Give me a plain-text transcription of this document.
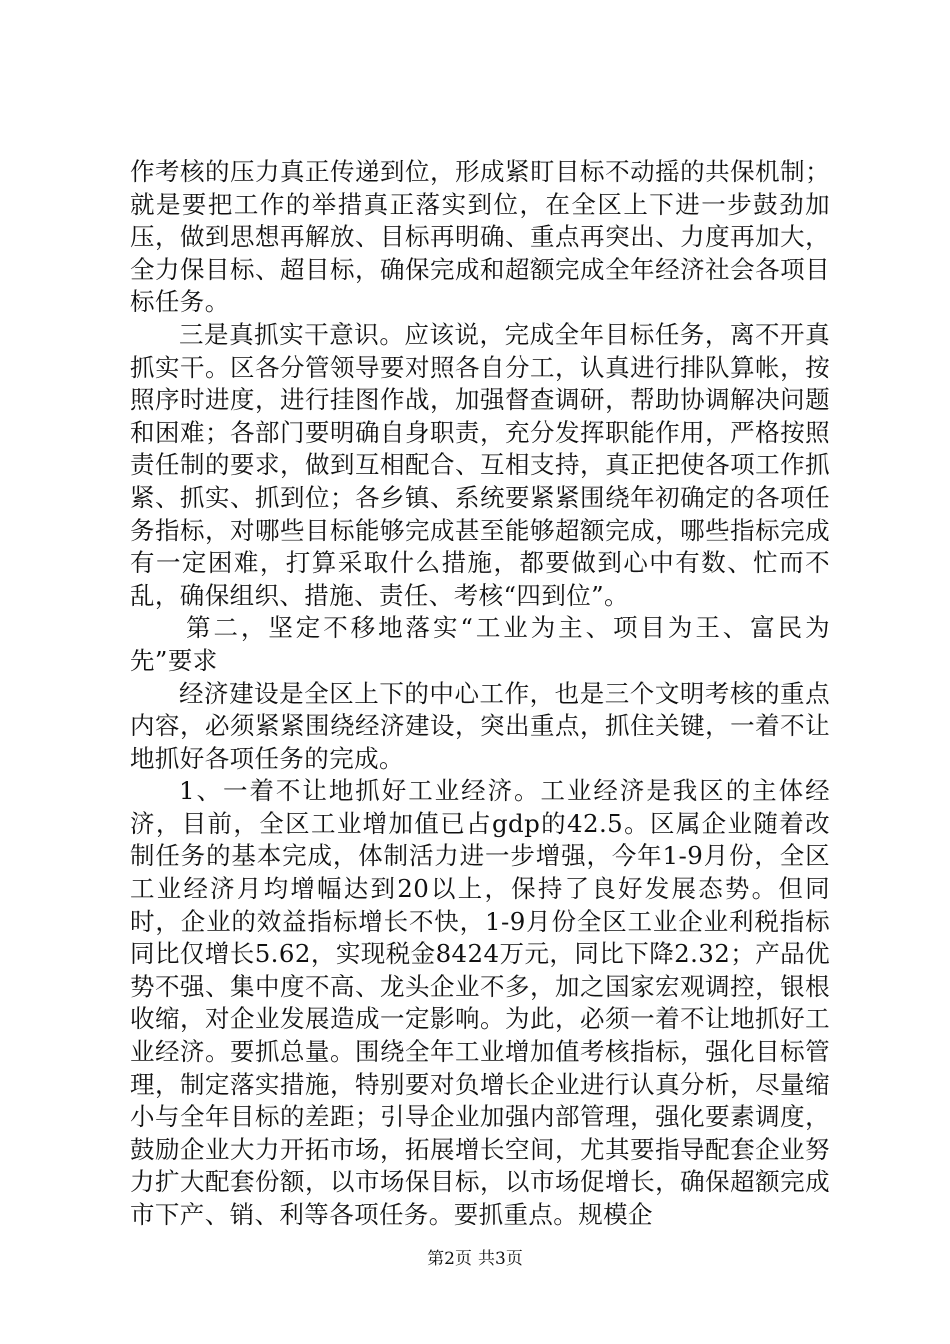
作考核的压力真正传递到位，形成紧盯目标不动摇的共保机制；就是要把工作的举措真正落实到位，在全区上下进一步鼓劲加压，做到思想再解放、目标再明确、重点再突出、力度再加大，全力保目标、超目标，确保完成和超额完成全年经济社会各项目标任务。

三是真抓实干意识。应该说，完成全年目标任务，离不开真抓实干。区各分管领导要对照各自分工，认真进行排队算帐，按照序时进度，进行挂图作战，加强督查调研，帮助协调解决问题和困难；各部门要明确自身职责，充分发挥职能作用，严格按照责任制的要求，做到互相配合、互相支持，真正把使各项工作抓紧、抓实、抓到位；各乡镇、系统要紧紧围绕年初确定的各项任务指标，对哪些目标能够完成甚至能够超额完成，哪些指标完成有一定困难，打算采取什么措施，都要做到心中有数、忙而不乱，确保组织、措施、责任、考核“四到位”。

第二，坚定不移地落实“工业为主、项目为王、富民为先”要求

经济建设是全区上下的中心工作，也是三个文明考核的重点内容，必须紧紧围绕经济建设，突出重点，抓住关键，一着不让地抓好各项任务的完成。

1、一着不让地抓好工业经济。工业经济是我区的主体经济，目前，全区工业增加值已占gdp的42.5。区属企业随着改制任务的基本完成，体制活力进一步增强，今年1-9月份，全区工业经济月均增幅达到20以上，保持了良好发展态势。但同时，企业的效益指标增长不快，1-9月份全区工业企业利税指标同比仅增长5.62，实现税金8424万元，同比下降2.32；产品优势不强、集中度不高、龙头企业不多，加之国家宏观调控，银根收缩，对企业发展造成一定影响。为此，必须一着不让地抓好工业经济。要抓总量。围绕全年工业增加值考核指标，强化目标管理，制定落实措施，特别要对负增长企业进行认真分析，尽量缩小与全年目标的差距；引导企业加强内部管理，强化要素调度，鼓励企业大力开拓市场，拓展增长空间，尤其要指导配套企业努力扩大配套份额，以市场保目标，以市场促增长，确保超额完成市下产、销、利等各项任务。要抓重点。规模企

第2页 共3页
